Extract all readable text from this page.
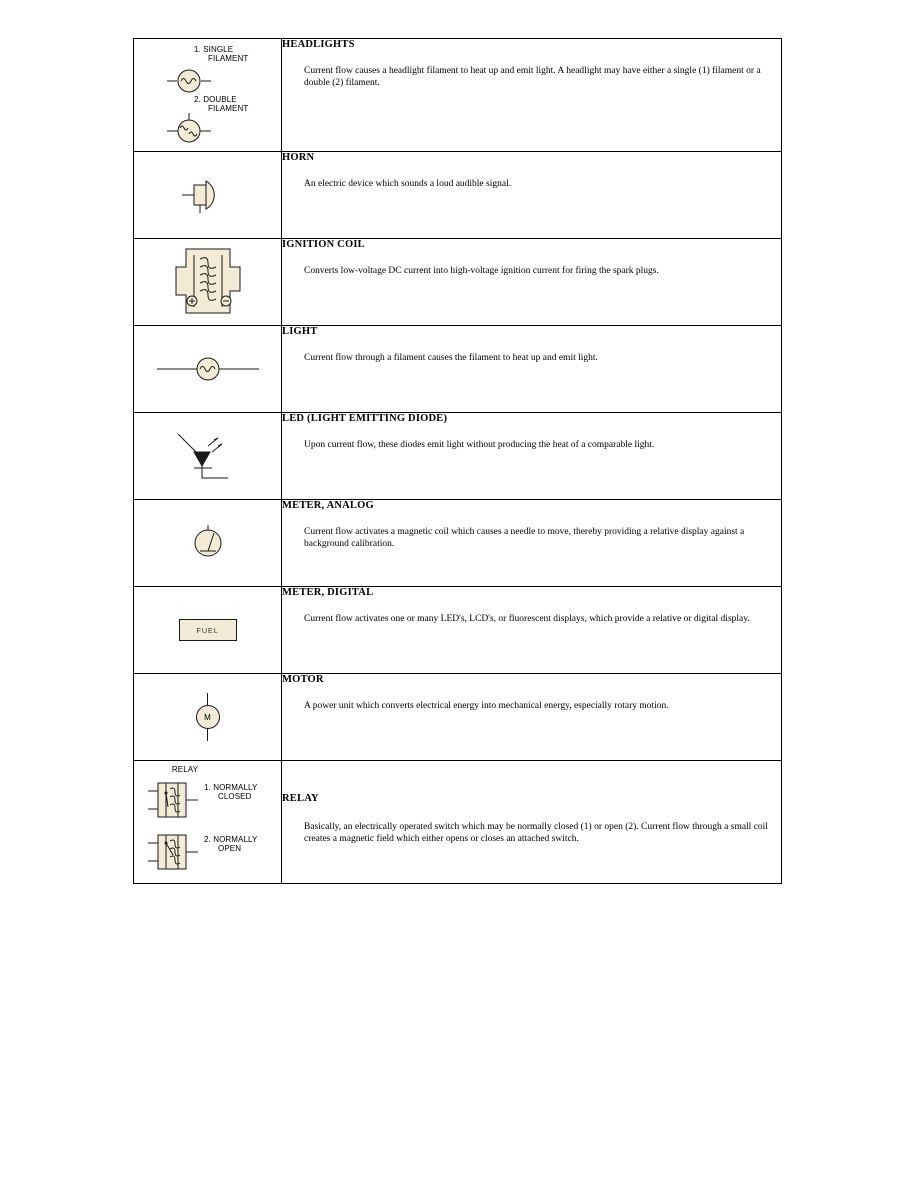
1. SINGLE
FILAMENT
2. DOUBLE
FILAMENT

HEADLIGHTS
Current flow causes a headlight filament to heat up and emit light. A headlight may have either a single (1) filament or a double (2) filament.

HORN
An electric device which sounds a loud audible signal.

IGNITION COIL
Converts low-voltage DC current into high-voltage ignition current for firing the spark plugs.

LIGHT
Current flow through a filament causes the filament to heat up and emit light.

LED (LIGHT EMITTING DIODE)
Upon current flow, these diodes emit light without producing the heat of a comparable light.

METER, ANALOG
Current flow activates a magnetic coil which causes a needle to move, thereby providing a relative display against a background calibration.

FUEL	METER, DIGITAL
Current flow activates one or many LED's, LCD's, or fluorescent displays, which provide a relative or digital display.

M	MOTOR
A power unit which converts electrical energy into mechanical energy, especially rotary motion.

RELAY
1. NORMALLY
CLOSED
2. NORMALLY
OPEN

RELAY
Basically, an electrically operated switch which may be normally closed (1) or open (2). Current flow through a small coil creates a magnetic field which either opens or closes an attached switch.
